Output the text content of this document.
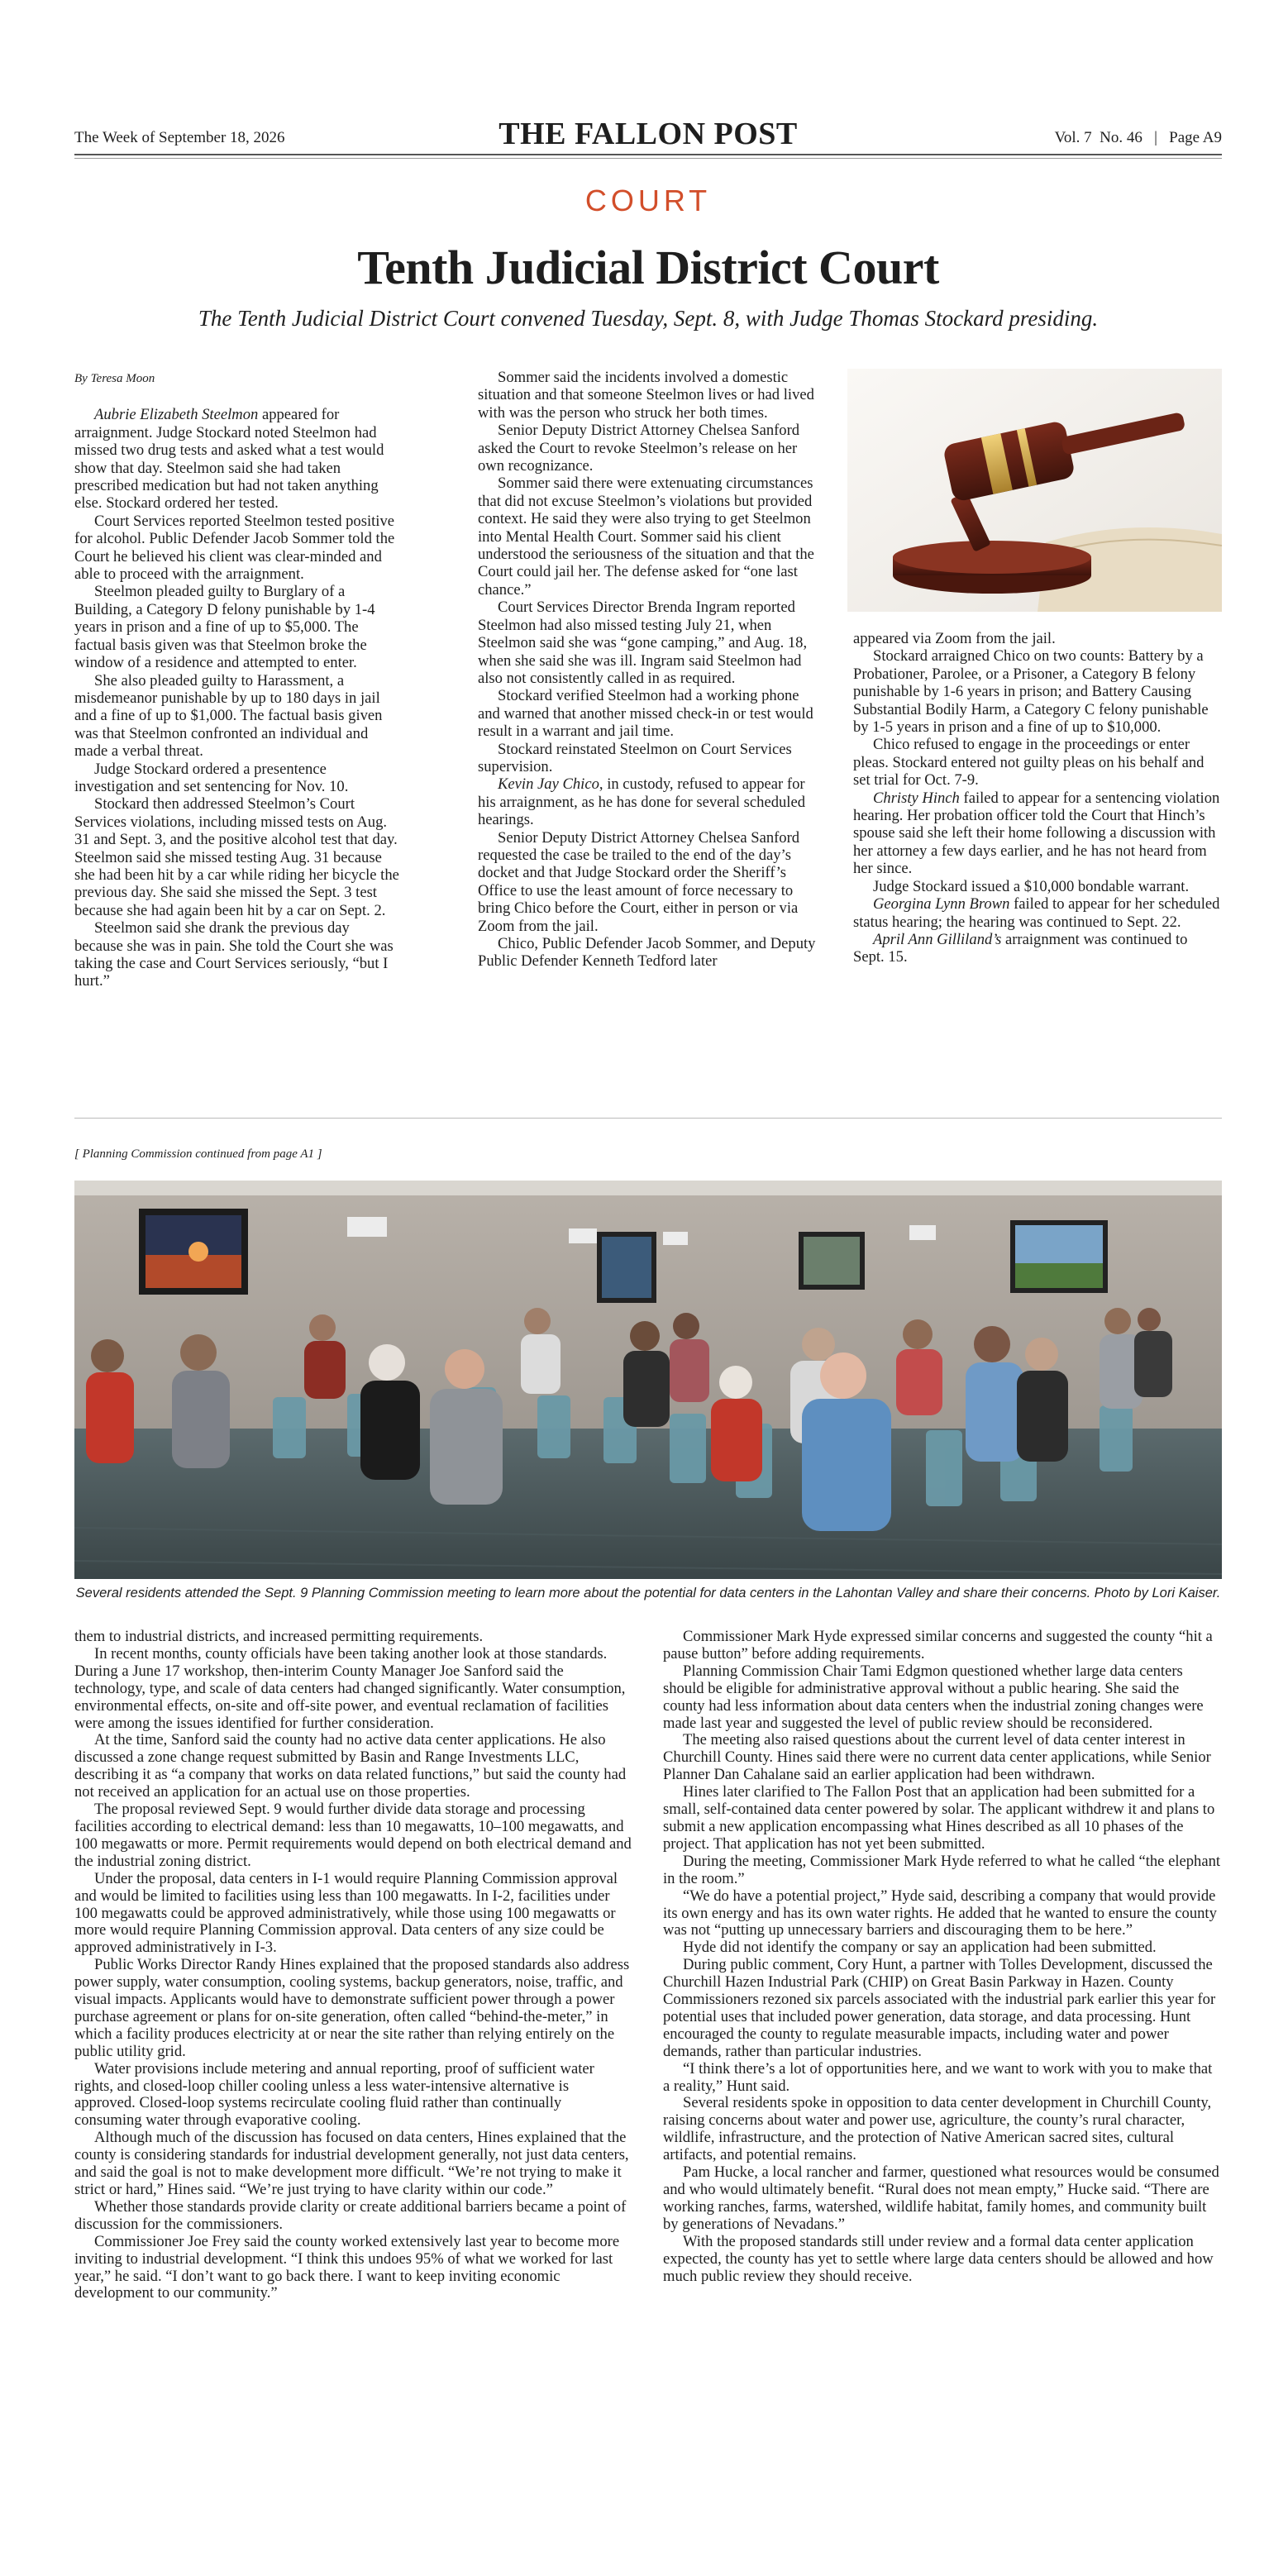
The Week of September 18, 2026	THE FALLON POST	Vol. 7  No. 46   |   Page A9
COURT
Tenth Judicial District Court
The Tenth Judicial District Court convened Tuesday, Sept. 8, with Judge Thomas Stockard presiding.

By Teresa Moon

Aubrie Elizabeth Steelmon appeared for arraignment. Judge Stockard noted Steelmon had missed two drug tests and asked what a test would show that day. Steelmon said she had taken prescribed medication but had not taken anything else. Stockard ordered her tested.

Court Services reported Steelmon tested positive for alcohol. Public Defender Jacob Sommer told the Court he believed his client was clear-minded and able to proceed with the arraignment.

Steelmon pleaded guilty to Burglary of a Building, a Category D felony punishable by 1-4 years in prison and a fine of up to $5,000. The factual basis given was that Steelmon broke the window of a residence and attempted to enter.

She also pleaded guilty to Harassment, a misdemeanor punishable by up to 180 days in jail and a fine of up to $1,000. The factual basis given was that Steelmon confronted an individual and made a verbal threat.

Judge Stockard ordered a presentence investigation and set sentencing for Nov. 10.

Stockard then addressed Steelmon’s Court Services violations, including missed tests on Aug. 31 and Sept. 3, and the positive alcohol test that day. Steelmon said she missed testing Aug. 31 because she had been hit by a car while riding her bicycle the previous day. She said she missed the Sept. 3 test because she had again been hit by a car on Sept. 2.

Steelmon said she drank the previous day because she was in pain. She told the Court she was taking the case and Court Services seriously, “but I hurt.”

Sommer said the incidents involved a domestic situation and that someone Steelmon lives or had lived with was the person who struck her both times.

Senior Deputy District Attorney Chelsea Sanford asked the Court to revoke Steelmon’s release on her own recognizance.

Sommer said there were extenuating circumstances that did not excuse Steelmon’s violations but provided context. He said they were also trying to get Steelmon into Mental Health Court. Sommer said his client understood the seriousness of the situation and that the Court could jail her. The defense asked for “one last chance.”

Court Services Director Brenda Ingram reported Steelmon had also missed testing July 21, when Steelmon said she was “gone camping,” and Aug. 18, when she said she was ill. Ingram said Steelmon had also not consistently called in as required.

Stockard verified Steelmon had a working phone and warned that another missed check-in or test would result in a warrant and jail time.

Stockard reinstated Steelmon on Court Services supervision.

Kevin Jay Chico, in custody, refused to appear for his arraignment, as he has done for several scheduled hearings.

Senior Deputy District Attorney Chelsea Sanford requested the case be trailed to the end of the day’s docket and that Judge Stockard order the Sheriff’s Office to use the least amount of force necessary to bring Chico before the Court, either in person or via Zoom from the jail.

Chico, Public Defender Jacob Sommer, and Deputy Public Defender Kenneth Tedford later

appeared via Zoom from the jail.

Stockard arraigned Chico on two counts: Battery by a Probationer, Parolee, or a Prisoner, a Category B felony punishable by 1-6 years in prison; and Battery Causing Substantial Bodily Harm, a Category C felony punishable by 1-5 years in prison and a fine of up to $10,000.

Chico refused to engage in the proceedings or enter pleas. Stockard entered not guilty pleas on his behalf and set trial for Oct. 7-9.

Christy Hinch failed to appear for a sentencing violation hearing. Her probation officer told the Court that Hinch’s spouse said she left their home following a discussion with her attorney a few days earlier, and he has not heard from her since.

Judge Stockard issued a $10,000 bondable warrant.

Georgina Lynn Brown failed to appear for her scheduled status hearing; the hearing was continued to Sept. 22.

April Ann Gilliland’s arraignment was continued to Sept. 15.

[ Planning Commission continued from page A1 ]
Several residents attended the Sept. 9 Planning Commission meeting to learn more about the potential for data centers in the Lahontan Valley and share their concerns. Photo by Lori Kaiser.

them to industrial districts, and increased permitting requirements.

In recent months, county officials have been taking another look at those standards. During a June 17 workshop, then-interim County Manager Joe Sanford said the technology, type, and scale of data centers had changed significantly. Water consumption, environmental effects, on-site and off-site power, and eventual reclamation of facilities were among the issues identified for further consideration.

At the time, Sanford said the county had no active data center applications. He also discussed a zone change request submitted by Basin and Range Investments LLC, describing it as “a company that works on data related functions,” but said the county had not received an application for an actual use on those properties.

The proposal reviewed Sept. 9 would further divide data storage and processing facilities according to electrical demand: less than 10 megawatts, 10–100 megawatts, and 100 megawatts or more. Permit requirements would depend on both electrical demand and the industrial zoning district.

Under the proposal, data centers in I-1 would require Planning Commission approval and would be limited to facilities using less than 100 megawatts. In I-2, facilities under 100 megawatts could be approved administratively, while those using 100 megawatts or more would require Planning Commission approval. Data centers of any size could be approved administratively in I-3.

Public Works Director Randy Hines explained that the proposed standards also address power supply, water consumption, cooling systems, backup generators, noise, traffic, and visual impacts. Applicants would have to demonstrate sufficient power through a power purchase agreement or plans for on-site generation, often called “behind-the-meter,” in which a facility produces electricity at or near the site rather than relying entirely on the public utility grid.

Water provisions include metering and annual reporting, proof of sufficient water rights, and closed-loop chiller cooling unless a less water-intensive alternative is approved. Closed-loop systems recirculate cooling fluid rather than continually consuming water through evaporative cooling.

Although much of the discussion has focused on data centers, Hines explained that the county is considering standards for industrial development generally, not just data centers, and said the goal is not to make development more difficult. “We’re not trying to make it strict or hard,” Hines said. “We’re just trying to have clarity within our code.”

Whether those standards provide clarity or create additional barriers became a point of discussion for the commissioners.

Commissioner Joe Frey said the county worked extensively last year to become more inviting to industrial development. “I think this undoes 95% of what we worked for last year,” he said. “I don’t want to go back there. I want to keep inviting economic development to our community.”

Commissioner Mark Hyde expressed similar concerns and suggested the county “hit a pause button” before adding requirements.

Planning Commission Chair Tami Edgmon questioned whether large data centers should be eligible for administrative approval without a public hearing. She said the county had less information about data centers when the industrial zoning changes were made last year and suggested the level of public review should be reconsidered.

The meeting also raised questions about the current level of data center interest in Churchill County. Hines said there were no current data center applications, while Senior Planner Dan Cahalane said an earlier application had been withdrawn.

Hines later clarified to The Fallon Post that an application had been submitted for a small, self-contained data center powered by solar. The applicant withdrew it and plans to submit a new application encompassing what Hines described as all 10 phases of the project. That application has not yet been submitted.

During the meeting, Commissioner Mark Hyde referred to what he called “the elephant in the room.”

“We do have a potential project,” Hyde said, describing a company that would provide its own energy and has its own water rights. He added that he wanted to ensure the county was not “putting up unnecessary barriers and discouraging them to be here.”

Hyde did not identify the company or say an application had been submitted.

During public comment, Cory Hunt, a partner with Tolles Development, discussed the Churchill Hazen Industrial Park (CHIP) on Great Basin Parkway in Hazen. County Commissioners rezoned six parcels associated with the industrial park earlier this year for potential uses that included power generation, data storage, and data processing. Hunt encouraged the county to regulate measurable impacts, including water and power demands, rather than particular industries.

“I think there’s a lot of opportunities here, and we want to work with you to make that a reality,” Hunt said.

Several residents spoke in opposition to data center development in Churchill County, raising concerns about water and power use, agriculture, the county’s rural character, wildlife, infrastructure, and the protection of Native American sacred sites, cultural artifacts, and potential remains.

Pam Hucke, a local rancher and farmer, questioned what resources would be consumed and who would ultimately benefit. “Rural does not mean empty,” Hucke said. “There are working ranches, farms, watershed, wildlife habitat, family homes, and community built by generations of Nevadans.”

With the proposed standards still under review and a formal data center application expected, the county has yet to settle where large data centers should be allowed and how much public review they should receive.
